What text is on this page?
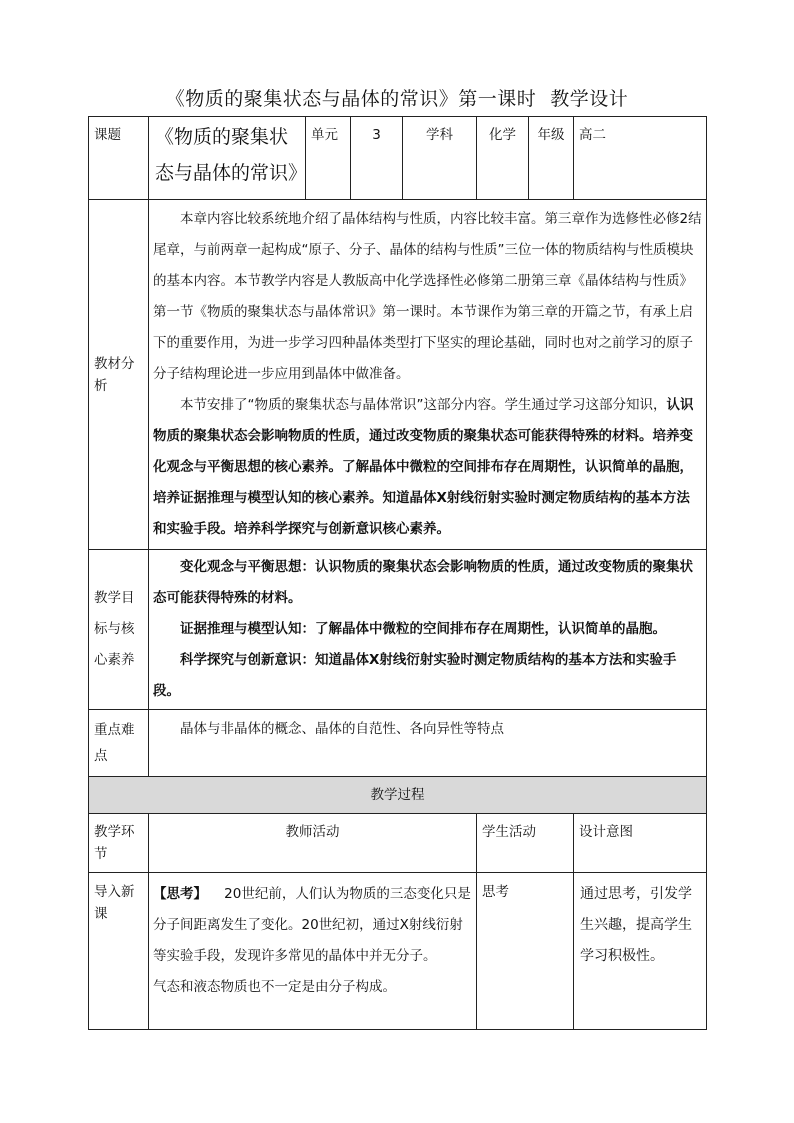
《物质的聚集状态与晶体的常识》第一课时 教学设计
课题	《物质的聚集状态与晶体的常识》	单元	3	学科	化学	年级	高二

教材分析	本章内容比较系统地介绍了晶体结构与性质，内容比较丰富。第三章作为选修性必修2结尾章，与前两章一起构成“原子、分子、晶体的结构与性质”三位一体的物质结构与性质模块的基本内容。本节教学内容是人教版高中化学选择性必修第二册第三章《晶体结构与性质》第一节《物质的聚集状态与晶体常识》第一课时。本节课作为第三章的开篇之节，有承上启下的重要作用，为进一步学习四种晶体类型打下坚实的理论基础，同时也对之前学习的原子分子结构理论进一步应用到晶体中做准备。

本节安排了“物质的聚集状态与晶体常识”这部分内容。学生通过学习这部分知识，认识物质的聚集状态会影响物质的性质，通过改变物质的聚集状态可能获得特殊的材料。培养变化观念与平衡思想的核心素养。了解晶体中微粒的空间排布存在周期性，认识简单的晶胞，培养证据推理与模型认知的核心素养。知道晶体X射线衍射实验时测定物质结构的基本方法和实验手段。培养科学探究与创新意识核心素养。						

教学目标与核心素养	变化观念与平衡思想：认识物质的聚集状态会影响物质的性质，通过改变物质的聚集状态可能获得特殊的材料。

证据推理与模型认知：了解晶体中微粒的空间排布存在周期性，认识简单的晶胞。

科学探究与创新意识：知道晶体X射线衍射实验时测定物质结构的基本方法和实验手段。						

重点难点	晶体与非晶体的概念、晶体的自范性、各向异性等特点						

教学过程							

教学环节	教师活动				学生活动		设计意图

导入新课	【思考】 20世纪前，人们认为物质的三态变化只是分子间距离发生了变化。20世纪初，通过X射线衍射等实验手段，发现许多常见的晶体中并无分子。
气态和液态物质也不一定是由分子构成。				思考		通过思考，引发学生兴趣，提高学生学习积极性。
